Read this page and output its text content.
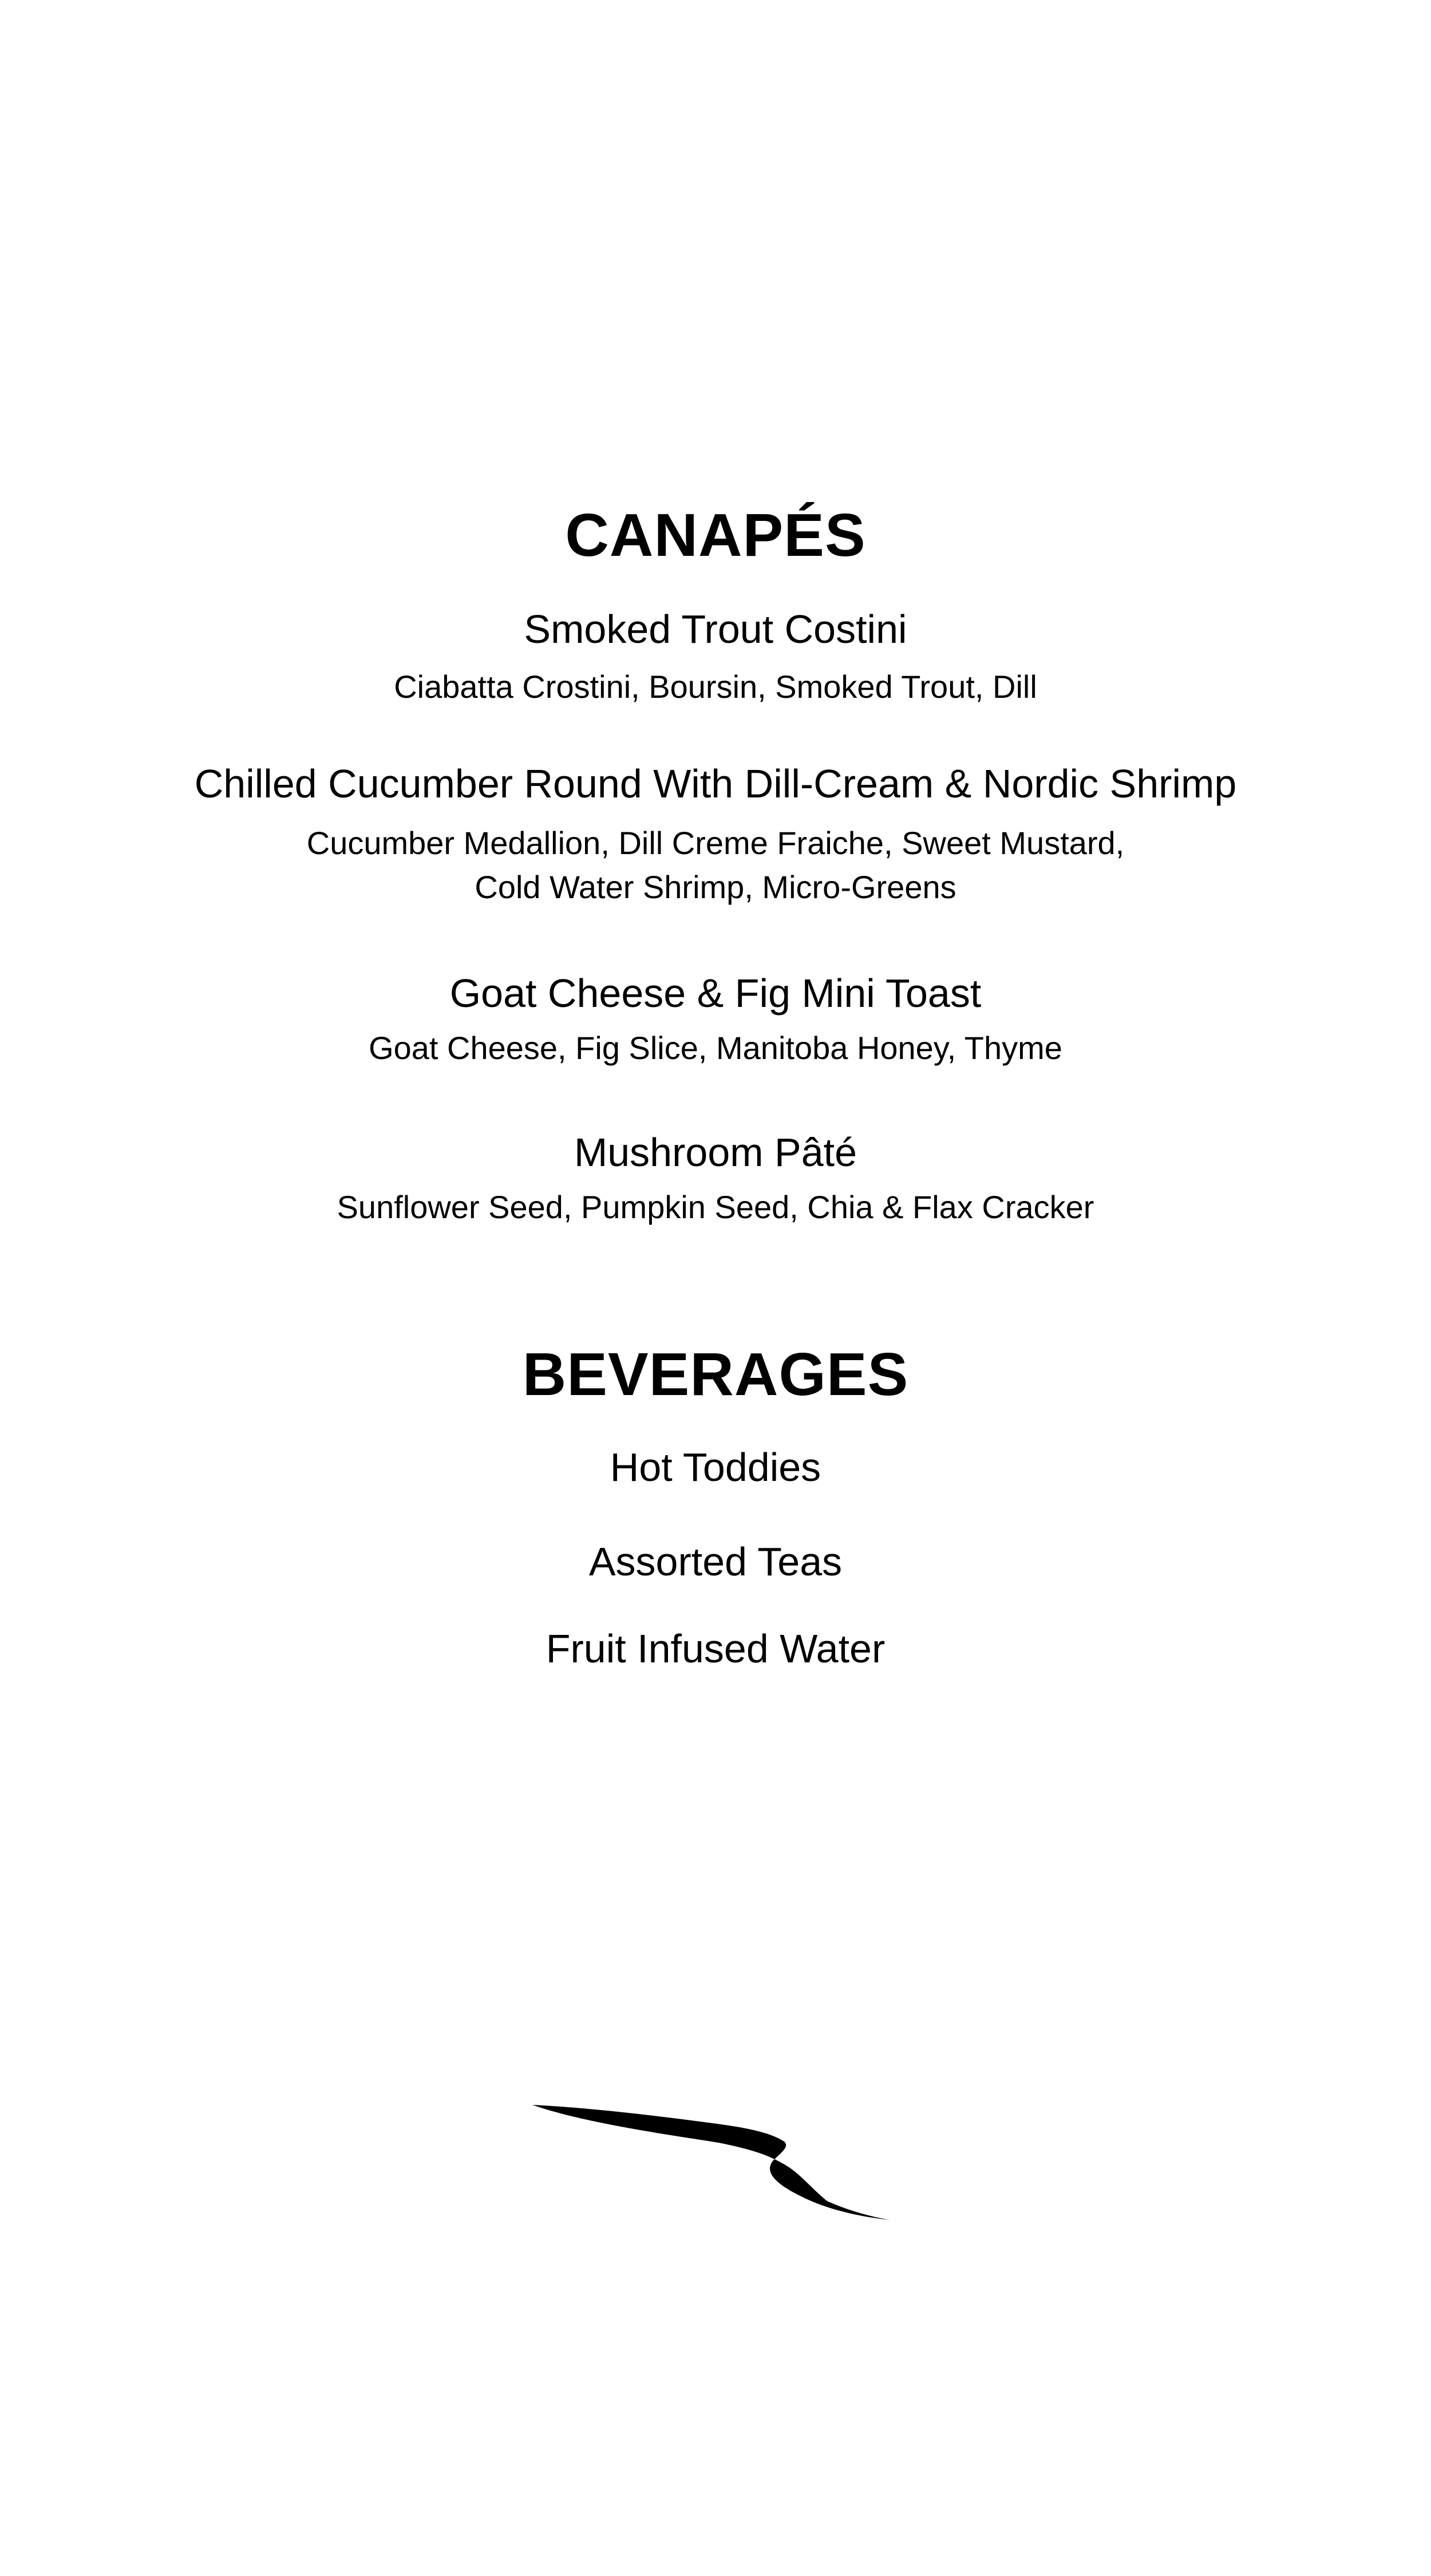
CANAPÉS
Smoked Trout Costini
Ciabatta Crostini, Boursin, Smoked Trout, Dill
Chilled Cucumber Round With Dill-Cream & Nordic Shrimp
Cucumber Medallion, Dill Creme Fraiche, Sweet Mustard,
Cold Water Shrimp, Micro-Greens
Goat Cheese & Fig Mini Toast
Goat Cheese, Fig Slice, Manitoba Honey, Thyme
Mushroom Pâté
Sunflower Seed, Pumpkin Seed, Chia & Flax Cracker
BEVERAGES
Hot Toddies
Assorted Teas
Fruit Infused Water
